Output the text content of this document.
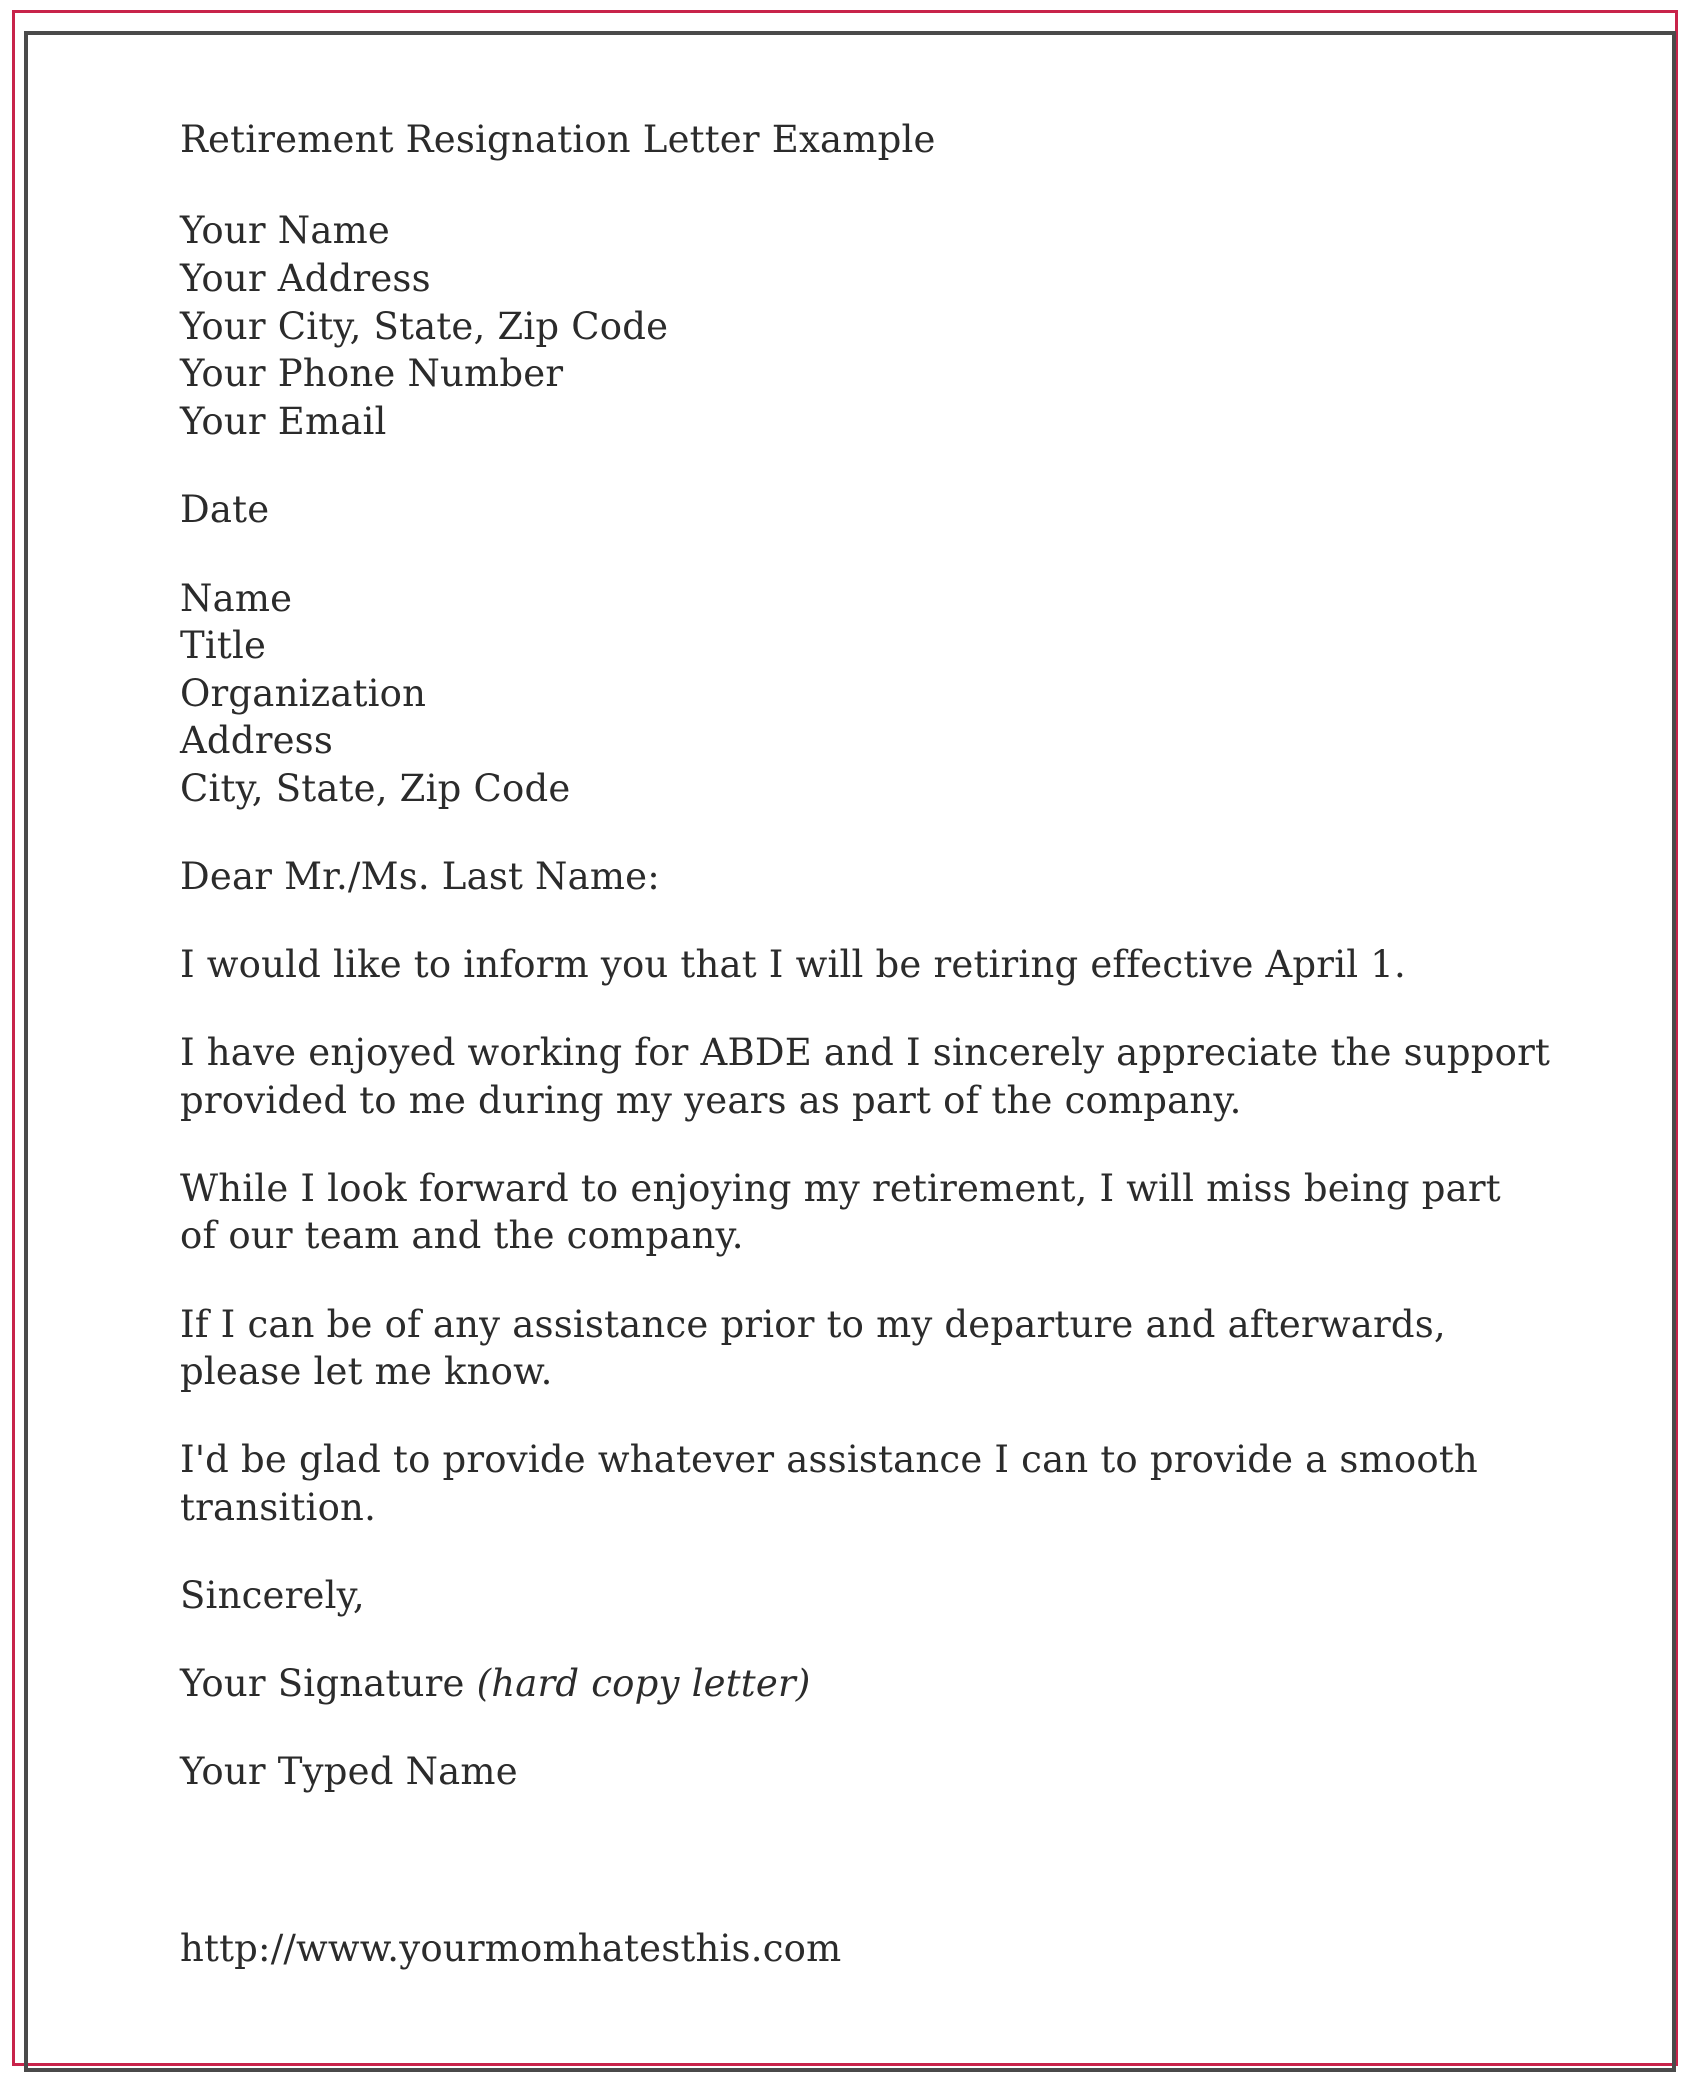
Retirement Resignation Letter Example
Your Name
Your Address
Your City, State, Zip Code
Your Phone Number
Your Email
Date
Name
Title
Organization
Address
City, State, Zip Code
Dear Mr./Ms. Last Name:
I would like to inform you that I will be retiring effective April 1.
I have enjoyed working for ABDE and I sincerely appreciate the support
provided to me during my years as part of the company.
While I look forward to enjoying my retirement, I will miss being part
of our team and the company.
If I can be of any assistance prior to my departure and afterwards,
please let me know.
I'd be glad to provide whatever assistance I can to provide a smooth
transition.
Sincerely,
Your Signature (hard copy letter)
Your Typed Name
http://www.yourmomhatesthis.com
